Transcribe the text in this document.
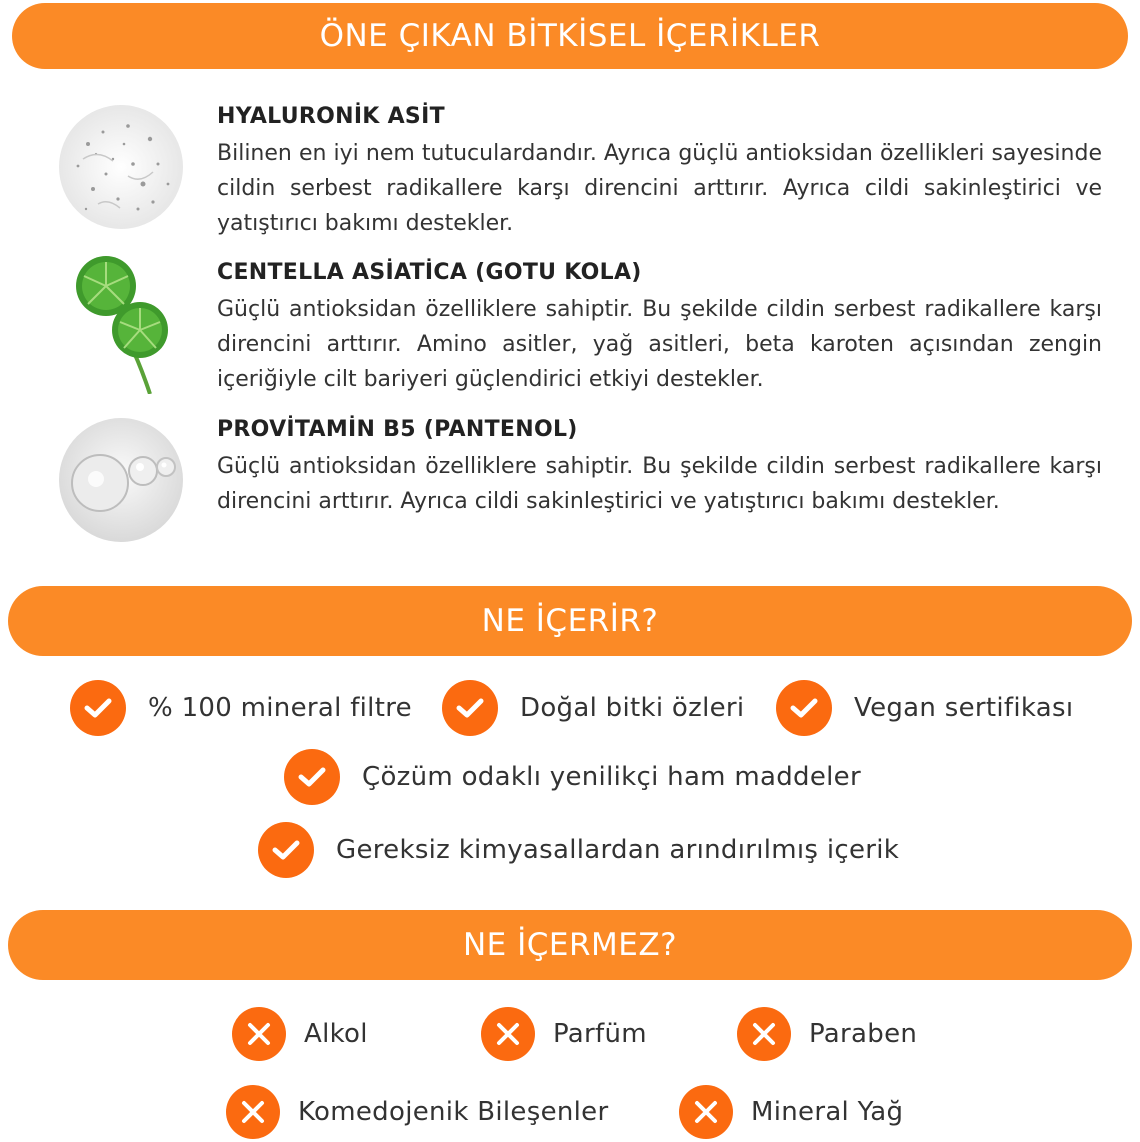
ÖNE ÇIKAN BİTKİSEL İÇERİKLER
HYALURONİK ASİT
Bilinen en iyi nem tutuculardandır. Ayrıca güçlü antioksidan özellikleri sayesinde cildin serbest radikallere karşı direncini arttırır. Ayrıca cildi sakinleştirici ve yatıştırıcı bakımı destekler.
CENTELLA ASİATİCA (GOTU KOLA)
Güçlü antioksidan özelliklere sahiptir. Bu şekilde cildin serbest radikallere karşı direncini arttırır. Amino asitler, yağ asitleri, beta karoten açısından zengin içeriğiyle cilt bariyeri güçlendirici etkiyi destekler.
PROVİTAMİN B5 (PANTENOL)
Güçlü antioksidan özelliklere sahiptir. Bu şekilde cildin serbest radikallere karşı direncini arttırır. Ayrıca cildi sakinleştirici ve yatıştırıcı bakımı destekler.
NE İÇERİR?
% 100 mineral filtre	Doğal bitki özleri	Vegan sertifikası
Çözüm odaklı yenilikçi ham maddeler
Gereksiz kimyasallardan arındırılmış içerik
NE İÇERMEZ?
Alkol	Parfüm	Paraben
Komedojenik Bileşenler	Mineral Yağ
